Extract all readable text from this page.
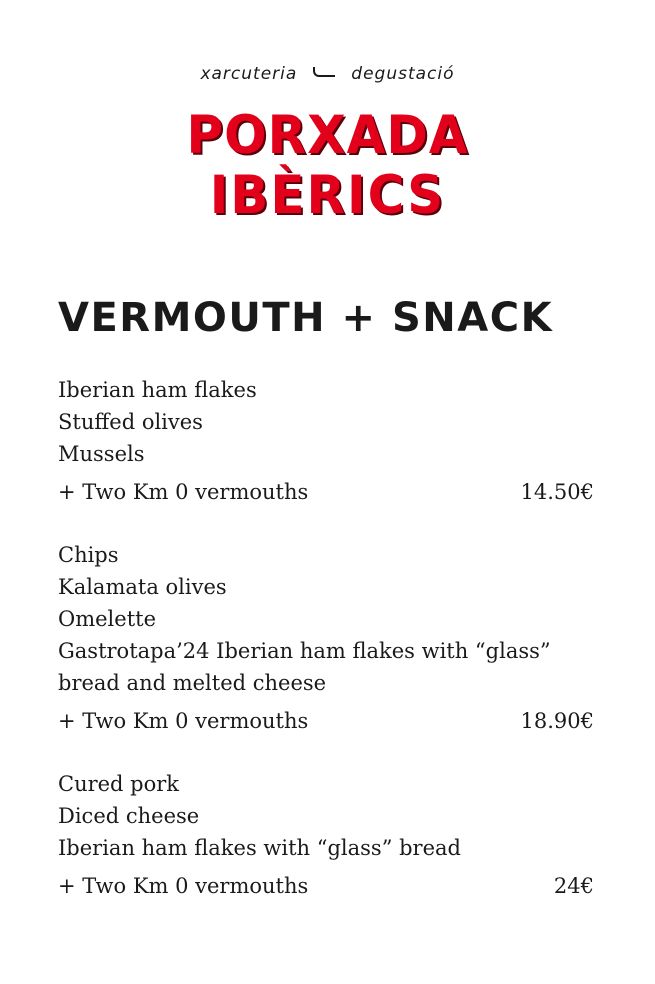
xarcuteria	degustació
PORXADA
IBÈRICS
VERMOUTH + SNACK
Iberian ham flakes
Stuffed olives
Mussels
+ Two Km 0 vermouths	14.50€
Chips
Kalamata olives
Omelette
Gastrotapa’24 Iberian ham flakes with “glass”
bread and melted cheese
+ Two Km 0 vermouths	18.90€
Cured pork
Diced cheese
Iberian ham flakes with “glass” bread
+ Two Km 0 vermouths	24€
